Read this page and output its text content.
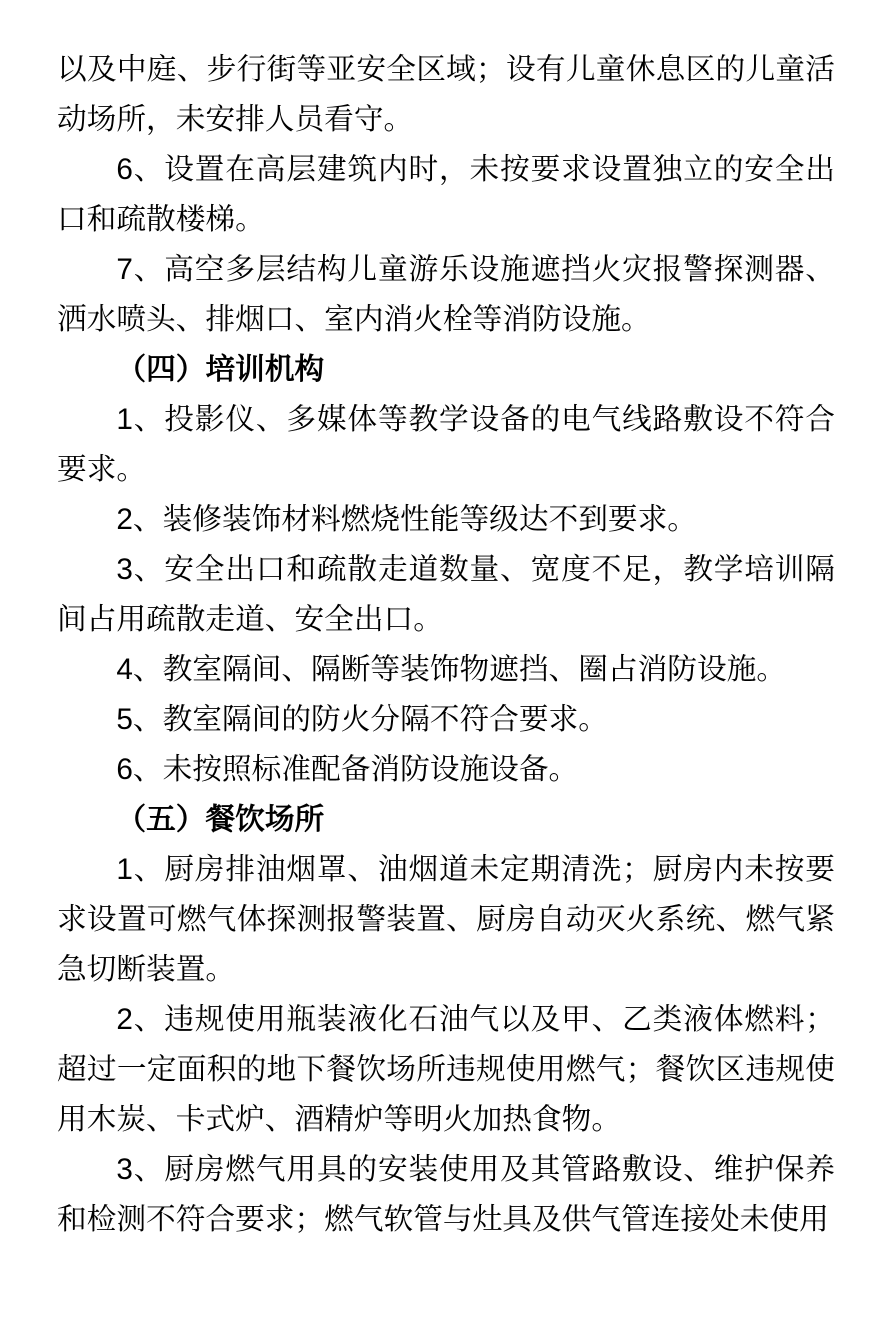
以及中庭、步行街等亚安全区域；设有儿童休息区的儿童活动场所，未安排人员看守。

6、设置在高层建筑内时，未按要求设置独立的安全出口和疏散楼梯。

7、高空多层结构儿童游乐设施遮挡火灾报警探测器、洒水喷头、排烟口、室内消火栓等消防设施。

（四）培训机构

1、投影仪、多媒体等教学设备的电气线路敷设不符合要求。

2、装修装饰材料燃烧性能等级达不到要求。

3、安全出口和疏散走道数量、宽度不足，教学培训隔间占用疏散走道、安全出口。

4、教室隔间、隔断等装饰物遮挡、圈占消防设施。

5、教室隔间的防火分隔不符合要求。

6、未按照标准配备消防设施设备。

（五）餐饮场所

1、厨房排油烟罩、油烟道未定期清洗；厨房内未按要求设置可燃气体探测报警装置、厨房自动灭火系统、燃气紧急切断装置。

2、违规使用瓶装液化石油气以及甲、乙类液体燃料；超过一定面积的地下餐饮场所违规使用燃气；餐饮区违规使用木炭、卡式炉、酒精炉等明火加热食物。

3、厨房燃气用具的安装使用及其管路敷设、维护保养和检测不符合要求；燃气软管与灶具及供气管连接处未使用
